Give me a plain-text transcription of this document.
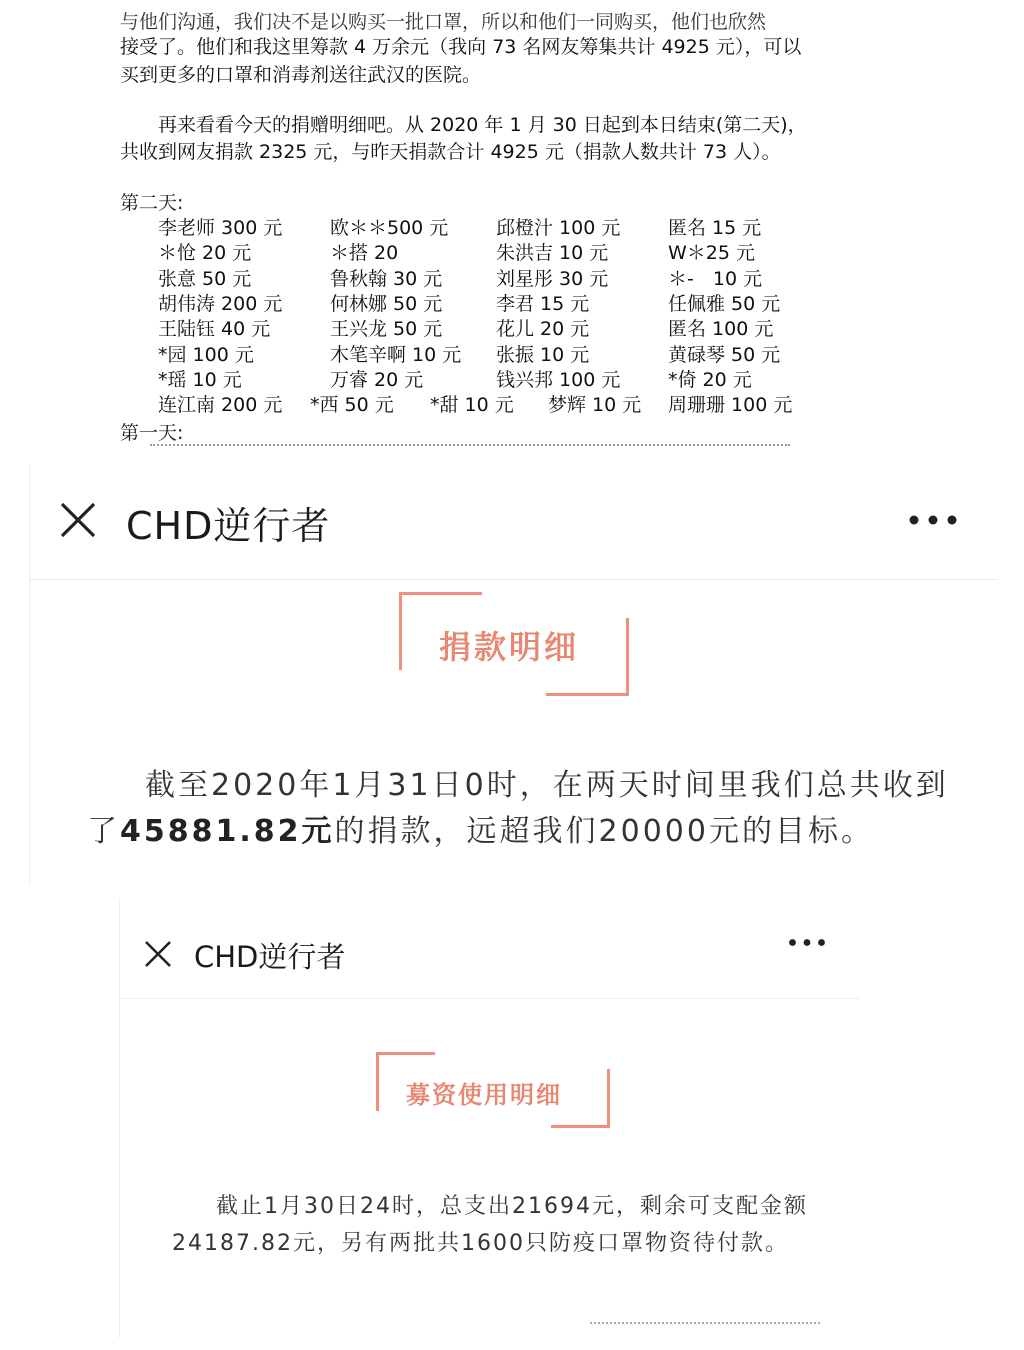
与他们沟通，我们决不是以购买一批口罩，所以和他们一同购买，他们也欣然
接受了。他们和我这里筹款 4 万余元（我向 73 名网友筹集共计 4925 元），可以
买到更多的口罩和消毒剂送往武汉的医院。
再来看看今天的捐赠明细吧。从 2020 年 1 月 30 日起到本日结束(第二天)，
共收到网友捐款 2325 元，与昨天捐款合计 4925 元（捐款人数共计 73 人）。
第二天:
李老师 300 元	欧＊＊500 元	邱橙汁 100 元	匿名 15 元
＊怆 20 元	＊搭 20	朱洪吉 10 元	W＊25 元
张意 50 元	鲁秋翰 30 元	刘星彤 30 元	＊-　10 元
胡伟涛 200 元	何林娜 50 元	李君 15 元	任佩雅 50 元
王陆钰 40 元	王兴龙 50 元	花儿 20 元	匿名 100 元
*园 100 元	木笔辛啊 10 元 张振 10 元	黄碌琴 50 元
*瑶 10 元	万睿 20 元	钱兴邦 100 元	*倚 20 元
连江南 200 元 *西 50 元 *甜 10 元 梦辉 10 元 周珊珊 100 元
第一天:
CHD逆行者
捐款明细
截至2020年1月31日0时，在两天时间里我们总共收到了45881.82元的捐款，远超我们20000元的目标。
CHD逆行者
募资使用明细
截止1月30日24时，总支出21694元，剩余可支配金额24187.82元，另有两批共1600只防疫口罩物资待付款。
